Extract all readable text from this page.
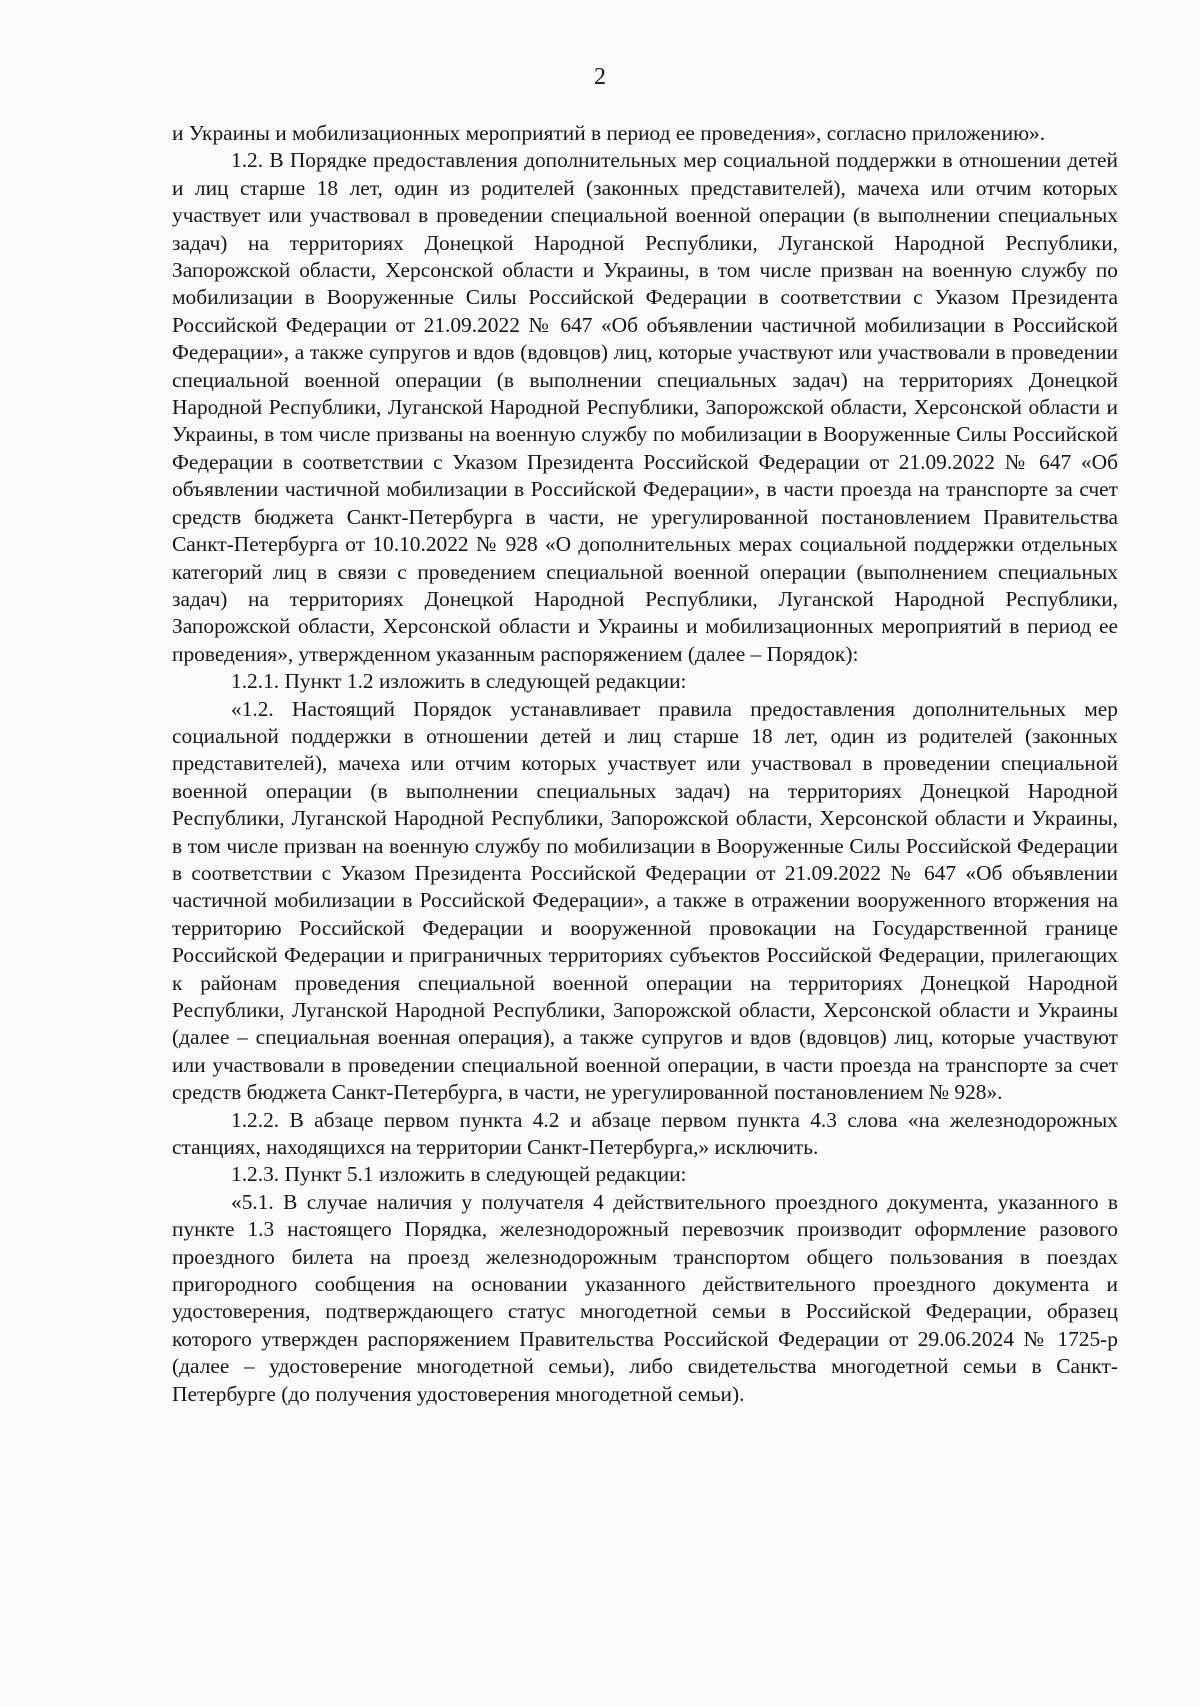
2

и Украины и мобилизационных мероприятий в период ее проведения», согласно приложению».

1.2. В Порядке предоставления дополнительных мер социальной поддержки в отношении детей и лиц старше 18 лет, один из родителей (законных представителей), мачеха или отчим которых участвует или участвовал в проведении специальной военной операции (в выполнении специальных задач) на территориях Донецкой Народной Республики, Луганской Народной Республики, Запорожской области, Херсонской области и Украины, в том числе призван на военную службу по мобилизации в Вооруженные Силы Российской Федерации в соответствии с Указом Президента Российской Федерации от 21.09.2022 № 647 «Об объявлении частичной мобилизации в Российской Федерации», а также супругов и вдов (вдовцов) лиц, которые участвуют или участвовали в проведении специальной военной операции (в выполнении специальных задач) на территориях Донецкой Народной Республики, Луганской Народной Республики, Запорожской области, Херсонской области и Украины, в том числе призваны на военную службу по мобилизации в Вооруженные Силы Российской Федерации в соответствии с Указом Президента Российской Федерации от 21.09.2022 № 647 «Об объявлении частичной мобилизации в Российской Федерации», в части проезда на транспорте за счет средств бюджета Санкт-Петербурга в части, не урегулированной постановлением Правительства Санкт-Петербурга от 10.10.2022 № 928 «О дополнительных мерах социальной поддержки отдельных категорий лиц в связи с проведением специальной военной операции (выполнением специальных задач) на территориях Донецкой Народной Республики, Луганской Народной Республики, Запорожской области, Херсонской области и Украины и мобилизационных мероприятий в период ее проведения», утвержденном указанным распоряжением (далее – Порядок):

1.2.1. Пункт 1.2 изложить в следующей редакции:

«1.2. Настоящий Порядок устанавливает правила предоставления дополнительных мер социальной поддержки в отношении детей и лиц старше 18 лет, один из родителей (законных представителей), мачеха или отчим которых участвует или участвовал в проведении специальной военной операции (в выполнении специальных задач) на территориях Донецкой Народной Республики, Луганской Народной Республики, Запорожской области, Херсонской области и Украины, в том числе призван на военную службу по мобилизации в Вооруженные Силы Российской Федерации в соответствии с Указом Президента Российской Федерации от 21.09.2022 № 647 «Об объявлении частичной мобилизации в Российской Федерации», а также в отражении вооруженного вторжения на территорию Российской Федерации и вооруженной провокации на Государственной границе Российской Федерации и приграничных территориях субъектов Российской Федерации, прилегающих к районам проведения специальной военной операции на территориях Донецкой Народной Республики, Луганской Народной Республики, Запорожской области, Херсонской области и Украины (далее – специальная военная операция), а также супругов и вдов (вдовцов) лиц, которые участвуют или участвовали в проведении специальной военной операции, в части проезда на транспорте за счет средств бюджета Санкт-Петербурга, в части, не урегулированной постановлением № 928».

1.2.2. В абзаце первом пункта 4.2 и абзаце первом пункта 4.3 слова «на железнодорожных станциях, находящихся на территории Санкт-Петербурга,» исключить.

1.2.3. Пункт 5.1 изложить в следующей редакции:

«5.1. В случае наличия у получателя 4 действительного проездного документа, указанного в пункте 1.3 настоящего Порядка, железнодорожный перевозчик производит оформление разового проездного билета на проезд железнодорожным транспортом общего пользования в поездах пригородного сообщения на основании указанного действительного проездного документа и удостоверения, подтверждающего статус многодетной семьи в Российской Федерации, образец которого утвержден распоряжением Правительства Российской Федерации от 29.06.2024 № 1725-р (далее – удостоверение многодетной семьи), либо свидетельства многодетной семьи в Санкт-Петербурге (до получения удостоверения многодетной семьи).
